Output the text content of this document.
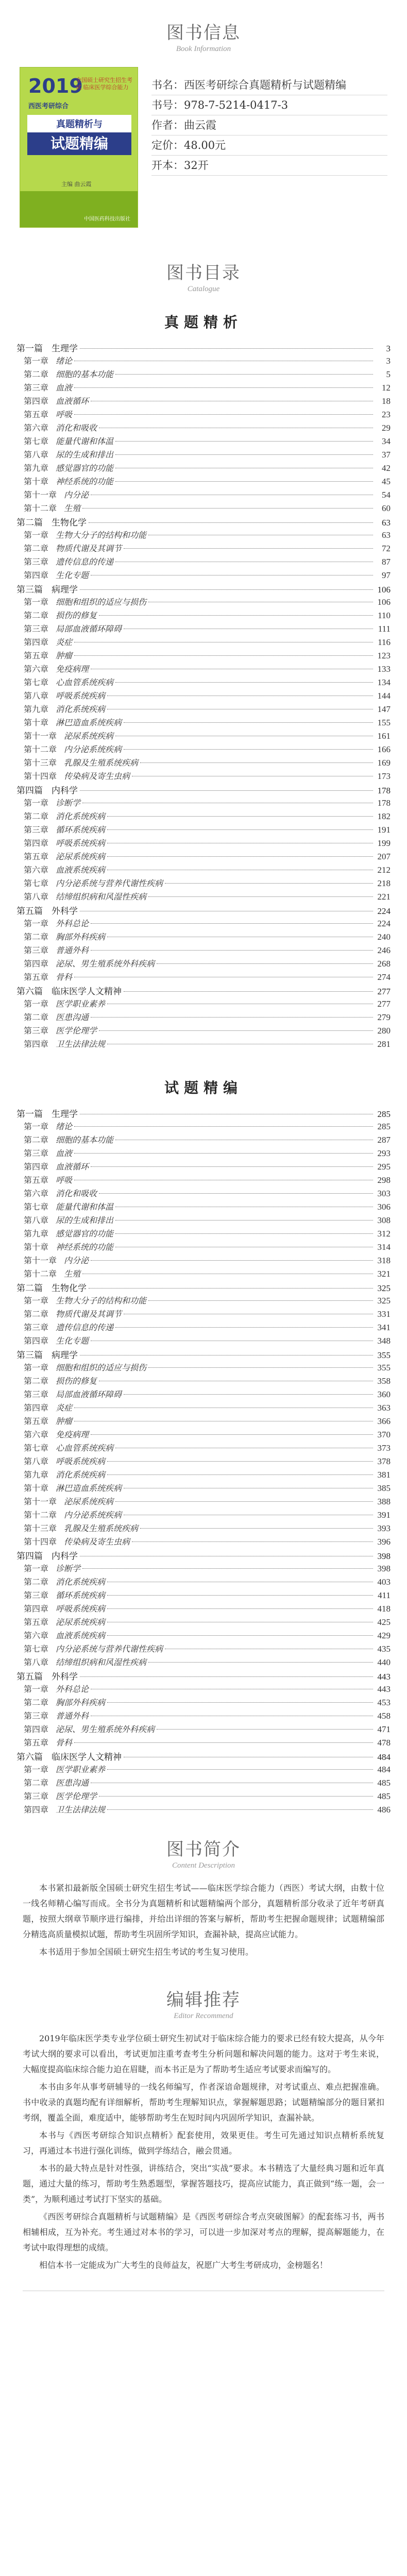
图书信息
Book Information
2019
全国硕士研究生招生考试 临床医学综合能力
西医考研综合
真题精析与
试题精编
主编 曲云霞
中国医药科技出版社
书名：西医考研综合真题精析与试题精编
书号：978-7-5214-0417-3
作者：曲云霞
定价：48.00元
开本：32开
图书目录
Catalogue
真题精析
第一篇　生理学	3
第一章 绪论	3
第二章 细胞的基本功能	5
第三章 血液	12
第四章 血液循环	18
第五章 呼吸	23
第六章 消化和吸收	29
第七章 能量代谢和体温	34
第八章 尿的生成和排出	37
第九章 感觉器官的功能	42
第十章 神经系统的功能	45
第十一章 内分泌	54
第十二章 生殖	60
第二篇　生物化学	63
第一章 生物大分子的结构和功能	63
第二章 物质代谢及其调节	72
第三章 遗传信息的传递	87
第四章 生化专题	97
第三篇　病理学	106
第一章 细胞和组织的适应与损伤	106
第二章 损伤的修复	110
第三章 局部血液循环障碍	111
第四章 炎症	116
第五章 肿瘤	123
第六章 免疫病理	133
第七章 心血管系统疾病	134
第八章 呼吸系统疾病	144
第九章 消化系统疾病	147
第十章 淋巴造血系统疾病	155
第十一章 泌尿系统疾病	161
第十二章 内分泌系统疾病	166
第十三章 乳腺及生殖系统疾病	169
第十四章 传染病及寄生虫病	173
第四篇　内科学	178
第一章 诊断学	178
第二章 消化系统疾病	182
第三章 循环系统疾病	191
第四章 呼吸系统疾病	199
第五章 泌尿系统疾病	207
第六章 血液系统疾病	212
第七章 内分泌系统与营养代谢性疾病	218
第八章 结缔组织病和风湿性疾病	221
第五篇　外科学	224
第一章 外科总论	224
第二章 胸部外科疾病	240
第三章 普通外科	246
第四章 泌尿、男生殖系统外科疾病	268
第五章 骨科	274
第六篇　临床医学人文精神	277
第一章 医学职业素养	277
第二章 医患沟通	279
第三章 医学伦理学	280
第四章 卫生法律法规	281
试题精编
第一篇　生理学	285
第一章 绪论	285
第二章 细胞的基本功能	287
第三章 血液	293
第四章 血液循环	295
第五章 呼吸	298
第六章 消化和吸收	303
第七章 能量代谢和体温	306
第八章 尿的生成和排出	308
第九章 感觉器官的功能	312
第十章 神经系统的功能	314
第十一章 内分泌	318
第十二章 生殖	321
第二篇　生物化学	325
第一章 生物大分子的结构和功能	325
第二章 物质代谢及其调节	331
第三章 遗传信息的传递	341
第四章 生化专题	348
第三篇　病理学	355
第一章 细胞和组织的适应与损伤	355
第二章 损伤的修复	358
第三章 局部血液循环障碍	360
第四章 炎症	363
第五章 肿瘤	366
第六章 免疫病理	370
第七章 心血管系统疾病	373
第八章 呼吸系统疾病	378
第九章 消化系统疾病	381
第十章 淋巴造血系统疾病	385
第十一章 泌尿系统疾病	388
第十二章 内分泌系统疾病	391
第十三章 乳腺及生殖系统疾病	393
第十四章 传染病及寄生虫病	396
第四篇　内科学	398
第一章 诊断学	398
第二章 消化系统疾病	403
第三章 循环系统疾病	411
第四章 呼吸系统疾病	418
第五章 泌尿系统疾病	425
第六章 血液系统疾病	429
第七章 内分泌系统与营养代谢性疾病	435
第八章 结缔组织病和风湿性疾病	440
第五篇　外科学	443
第一章 外科总论	443
第二章 胸部外科疾病	453
第三章 普通外科	458
第四章 泌尿、男生殖系统外科疾病	471
第五章 骨科	478
第六篇　临床医学人文精神	484
第一章 医学职业素养	484
第二章 医患沟通	485
第三章 医学伦理学	485
第四章 卫生法律法规	486
图书简介
Content Description

本书紧扣最新版全国硕士研究生招生考试——临床医学综合能力（西医）考试大纲，由数十位一线名师精心编写而成。全书分为真题精析和试题精编两个部分，真题精析部分收录了近年考研真题，按照大纲章节顺序进行编排，并给出详细的答案与解析，帮助考生把握命题规律；试题精编部分精选高质量模拟试题，帮助考生巩固所学知识，查漏补缺，提高应试能力。

本书适用于参加全国硕士研究生招生考试的考生复习使用。

编辑推荐
Editor Recommend

2019年临床医学类专业学位硕士研究生初试对于临床综合能力的要求已经有较大提高，从今年考试大纲的要求可以看出，考试更加注重考查考生分析问题和解决问题的能力。这对于考生来说，大幅度提高临床综合能力迫在眉睫，而本书正是为了帮助考生适应考试要求而编写的。

本书由多年从事考研辅导的一线名师编写，作者深谙命题规律，对考试重点、难点把握准确。书中收录的真题均配有详细解析，帮助考生理解知识点，掌握解题思路；试题精编部分的题目紧扣考纲，覆盖全面，难度适中，能够帮助考生在短时间内巩固所学知识，查漏补缺。

本书与《西医考研综合知识点精析》配套使用，效果更佳。考生可先通过知识点精析系统复习，再通过本书进行强化训练，做到学练结合，融会贯通。

本书的最大特点是针对性强，讲练结合，突出“实战”要求。本书精选了大量经典习题和近年真题，通过大量的练习，帮助考生熟悉题型，掌握答题技巧，提高应试能力，真正做到“练一题，会一类”，为顺利通过考试打下坚实的基础。

《西医考研综合真题精析与试题精编》是《西医考研综合考点突破图解》的配套练习书，两书相辅相成，互为补充。考生通过对本书的学习，可以进一步加深对考点的理解，提高解题能力，在考试中取得理想的成绩。

相信本书一定能成为广大考生的良师益友，祝愿广大考生考研成功，金榜题名！
